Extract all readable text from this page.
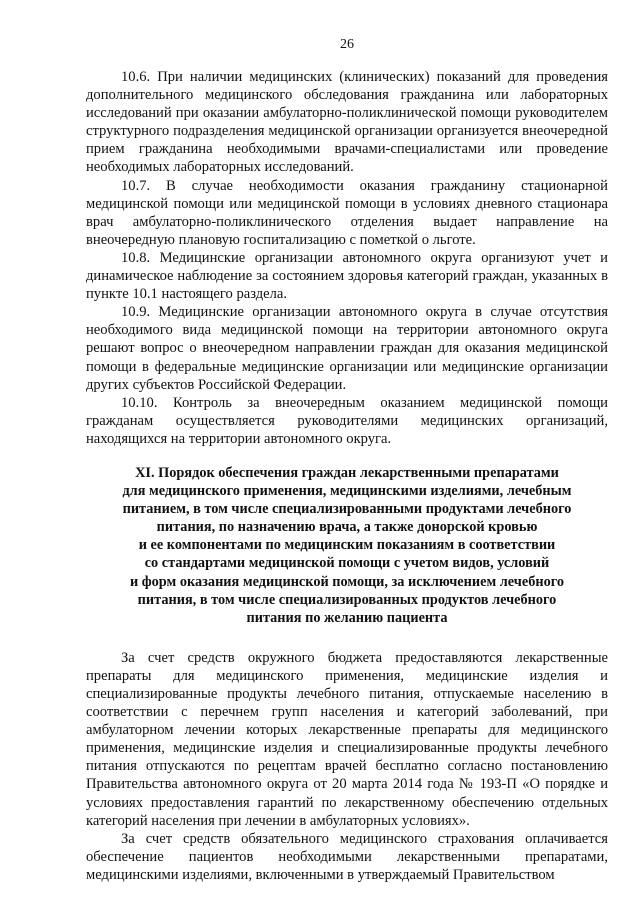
26

10.6. При наличии медицинских (клинических) показаний для проведения дополнительного медицинского обследования гражданина или лабораторных исследований при оказании амбулаторно-поликлинической помощи руководителем структурного подразделения медицинской организации организуется внеочередной прием гражданина необходимыми врачами-специалистами или проведение необходимых лабораторных исследований.

10.7. В случае необходимости оказания гражданину стационарной медицинской помощи или медицинской помощи в условиях дневного стационара врач амбулаторно-поликлинического отделения выдает направление на внеочередную плановую госпитализацию с пометкой о льготе.

10.8. Медицинские организации автономного округа организуют учет и динамическое наблюдение за состоянием здоровья категорий граждан, указанных в пункте 10.1 настоящего раздела.

10.9. Медицинские организации автономного округа в случае отсутствия необходимого вида медицинской помощи на территории автономного округа решают вопрос о внеочередном направлении граждан для оказания медицинской помощи в федеральные медицинские организации или медицинские организации других субъектов Российской Федерации.

10.10. Контроль за внеочередным оказанием медицинской помощи гражданам осуществляется руководителями медицинских организаций, находящихся на территории автономного округа.

XI. Порядок обеспечения граждан лекарственными препаратами
для медицинского применения, медицинскими изделиями, лечебным
питанием, в том числе специализированными продуктами лечебного
питания, по назначению врача, а также донорской кровью
и ее компонентами по медицинским показаниям в соответствии
со стандартами медицинской помощи с учетом видов, условий
и форм оказания медицинской помощи, за исключением лечебного
питания, в том числе специализированных продуктов лечебного
питания по желанию пациента

За счет средств окружного бюджета предоставляются лекарственные препараты для медицинского применения, медицинские изделия и специализированные продукты лечебного питания, отпускаемые населению в соответствии с перечнем групп населения и категорий заболеваний, при амбулаторном лечении которых лекарственные препараты для медицинского применения, медицинские изделия и специализированные продукты лечебного питания отпускаются по рецептам врачей бесплатно согласно постановлению Правительства автономного округа от 20 марта 2014 года № 193-П «О порядке и условиях предоставления гарантий по лекарственному обеспечению отдельных категорий населения при лечении в амбулаторных условиях».

За счет средств обязательного медицинского страхования оплачивается обеспечение пациентов необходимыми лекарственными препаратами, медицинскими изделиями, включенными в утверждаемый Правительством
